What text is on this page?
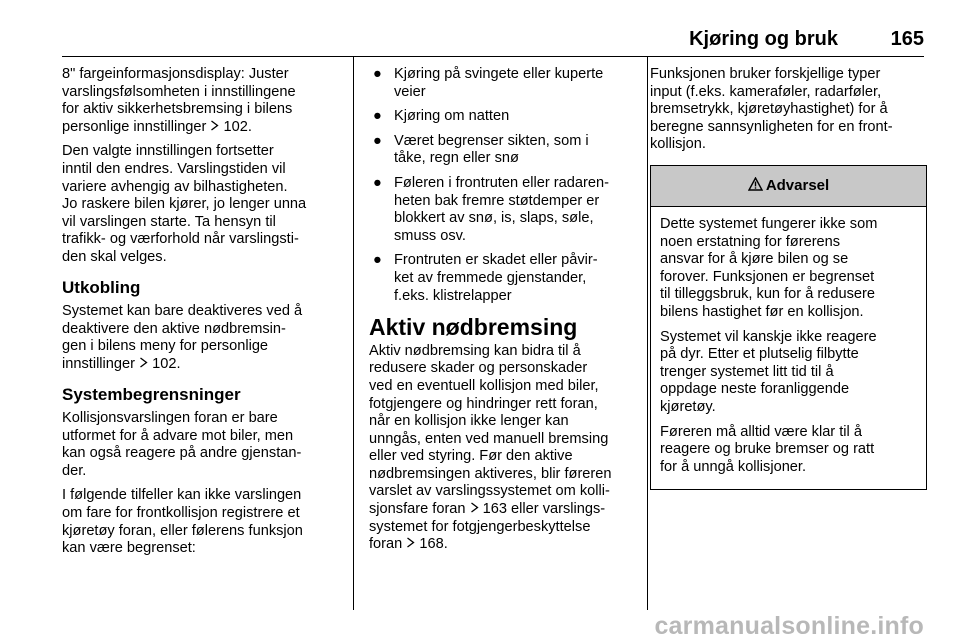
Kjøring og bruk	165

8" fargeinformasjonsdisplay: Juster
varslingsfølsomheten i innstillingene
for aktiv sikkerhetsbremsing i bilens
personlige innstillinger  102.

Den valgte innstillingen fortsetter
inntil den endres. Varslingstiden vil
variere avhengig av bilhastigheten.
Jo raskere bilen kjører, jo lenger unna
vil varslingen starte. Ta hensyn til
trafikk- og værforhold når varslingsti-
den skal velges.

Utkobling

Systemet kan bare deaktiveres ved å
deaktivere den aktive nødbremsin-
gen i bilens meny for personlige
innstillinger  102.

Systembegrensninger

Kollisjonsvarslingen foran er bare
utformet for å advare mot biler, men
kan også reagere på andre gjenstan-
der.

I følgende tilfeller kan ikke varslingen
om fare for frontkollisjon registrere et
kjøretøy foran, eller følerens funksjon
kan være begrenset:

● Kjøring på svingete eller kuperte
veier
● Kjøring om natten
● Været begrenser sikten, som i
tåke, regn eller snø
● Føleren i frontruten eller radaren-
heten bak fremre støtdemper er
blokkert av snø, is, slaps, søle,
smuss osv.
● Frontruten er skadet eller påvir-
ket av fremmede gjenstander,
f.eks. klistrelapper
Aktiv nødbremsing

Aktiv nødbremsing kan bidra til å
redusere skader og personskader
ved en eventuell kollisjon med biler,
fotgjengere og hindringer rett foran,
når en kollisjon ikke lenger kan
unngås, enten ved manuell bremsing
eller ved styring. Før den aktive
nødbremsingen aktiveres, blir føreren
varslet av varslingssystemet om kolli-
sjonsfare foran  163 eller varslings-
systemet for fotgjengerbeskyttelse
foran  168.

Funksjonen bruker forskjellige typer
input (f.eks. kameraføler, radarføler,
bremsetrykk, kjøretøyhastighet) for å
beregne sannsynligheten for en front-
kollisjon.

Advarsel

Dette systemet fungerer ikke som
noen erstatning for førerens
ansvar for å kjøre bilen og se
forover. Funksjonen er begrenset
til tilleggsbruk, kun for å redusere
bilens hastighet før en kollisjon.

Systemet vil kanskje ikke reagere
på dyr. Etter et plutselig filbytte
trenger systemet litt tid til å
oppdage neste foranliggende
kjøretøy.

Føreren må alltid være klar til å
reagere og bruke bremser og ratt
for å unngå kollisjoner.

carmanualsonline.info
